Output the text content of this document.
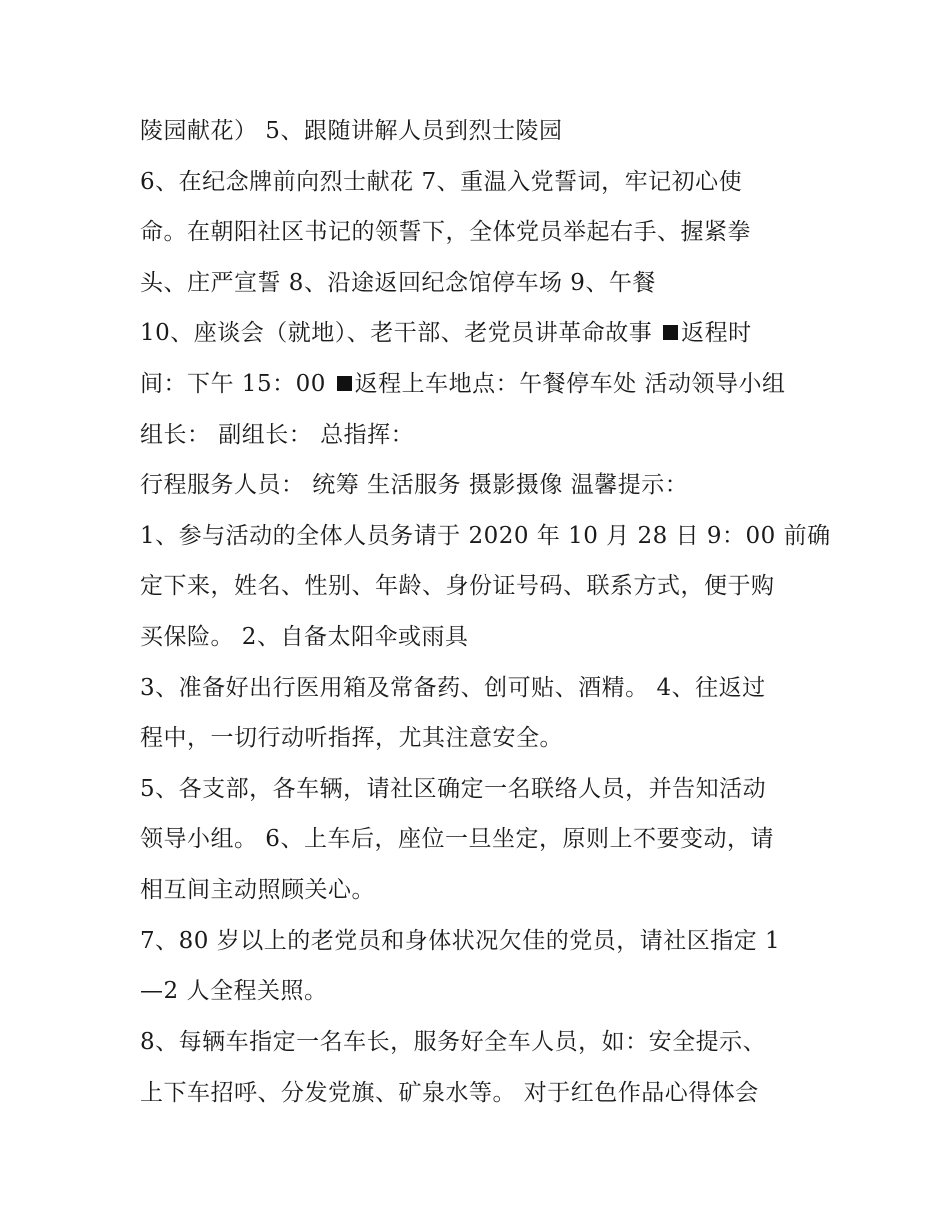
陵园献花） 5、跟随讲解人员到烈士陵园
6、在纪念牌前向烈士献花 7、重温入党誓词，牢记初心使
命。在朝阳社区书记的领誓下，全体党员举起右手、握紧拳
头、庄严宣誓 8、沿途返回纪念馆停车场 9、午餐
10、座谈会（就地）、老干部、老党员讲革命故事 返程时
间：下午 15：00 返程上车地点：午餐停车处 活动领导小组
组长： 副组长： 总指挥：
行程服务人员： 统筹 生活服务 摄影摄像 温馨提示：
1、参与活动的全体人员务请于 2020 年 10 月 28 日 9：00 前确
定下来，姓名、性别、年龄、身份证号码、联系方式，便于购
买保险。 2、自备太阳伞或雨具
3、准备好出行医用箱及常备药、创可贴、酒精。 4、往返过
程中，一切行动听指挥，尤其注意安全。
5、各支部，各车辆，请社区确定一名联络人员，并告知活动
领导小组。 6、上车后，座位一旦坐定，原则上不要变动，请
相互间主动照顾关心。
7、80 岁以上的老党员和身体状况欠佳的党员，请社区指定 1
—2 人全程关照。
8、每辆车指定一名车长，服务好全车人员，如：安全提示、
上下车招呼、分发党旗、矿泉水等。 对于红色作品心得体会
